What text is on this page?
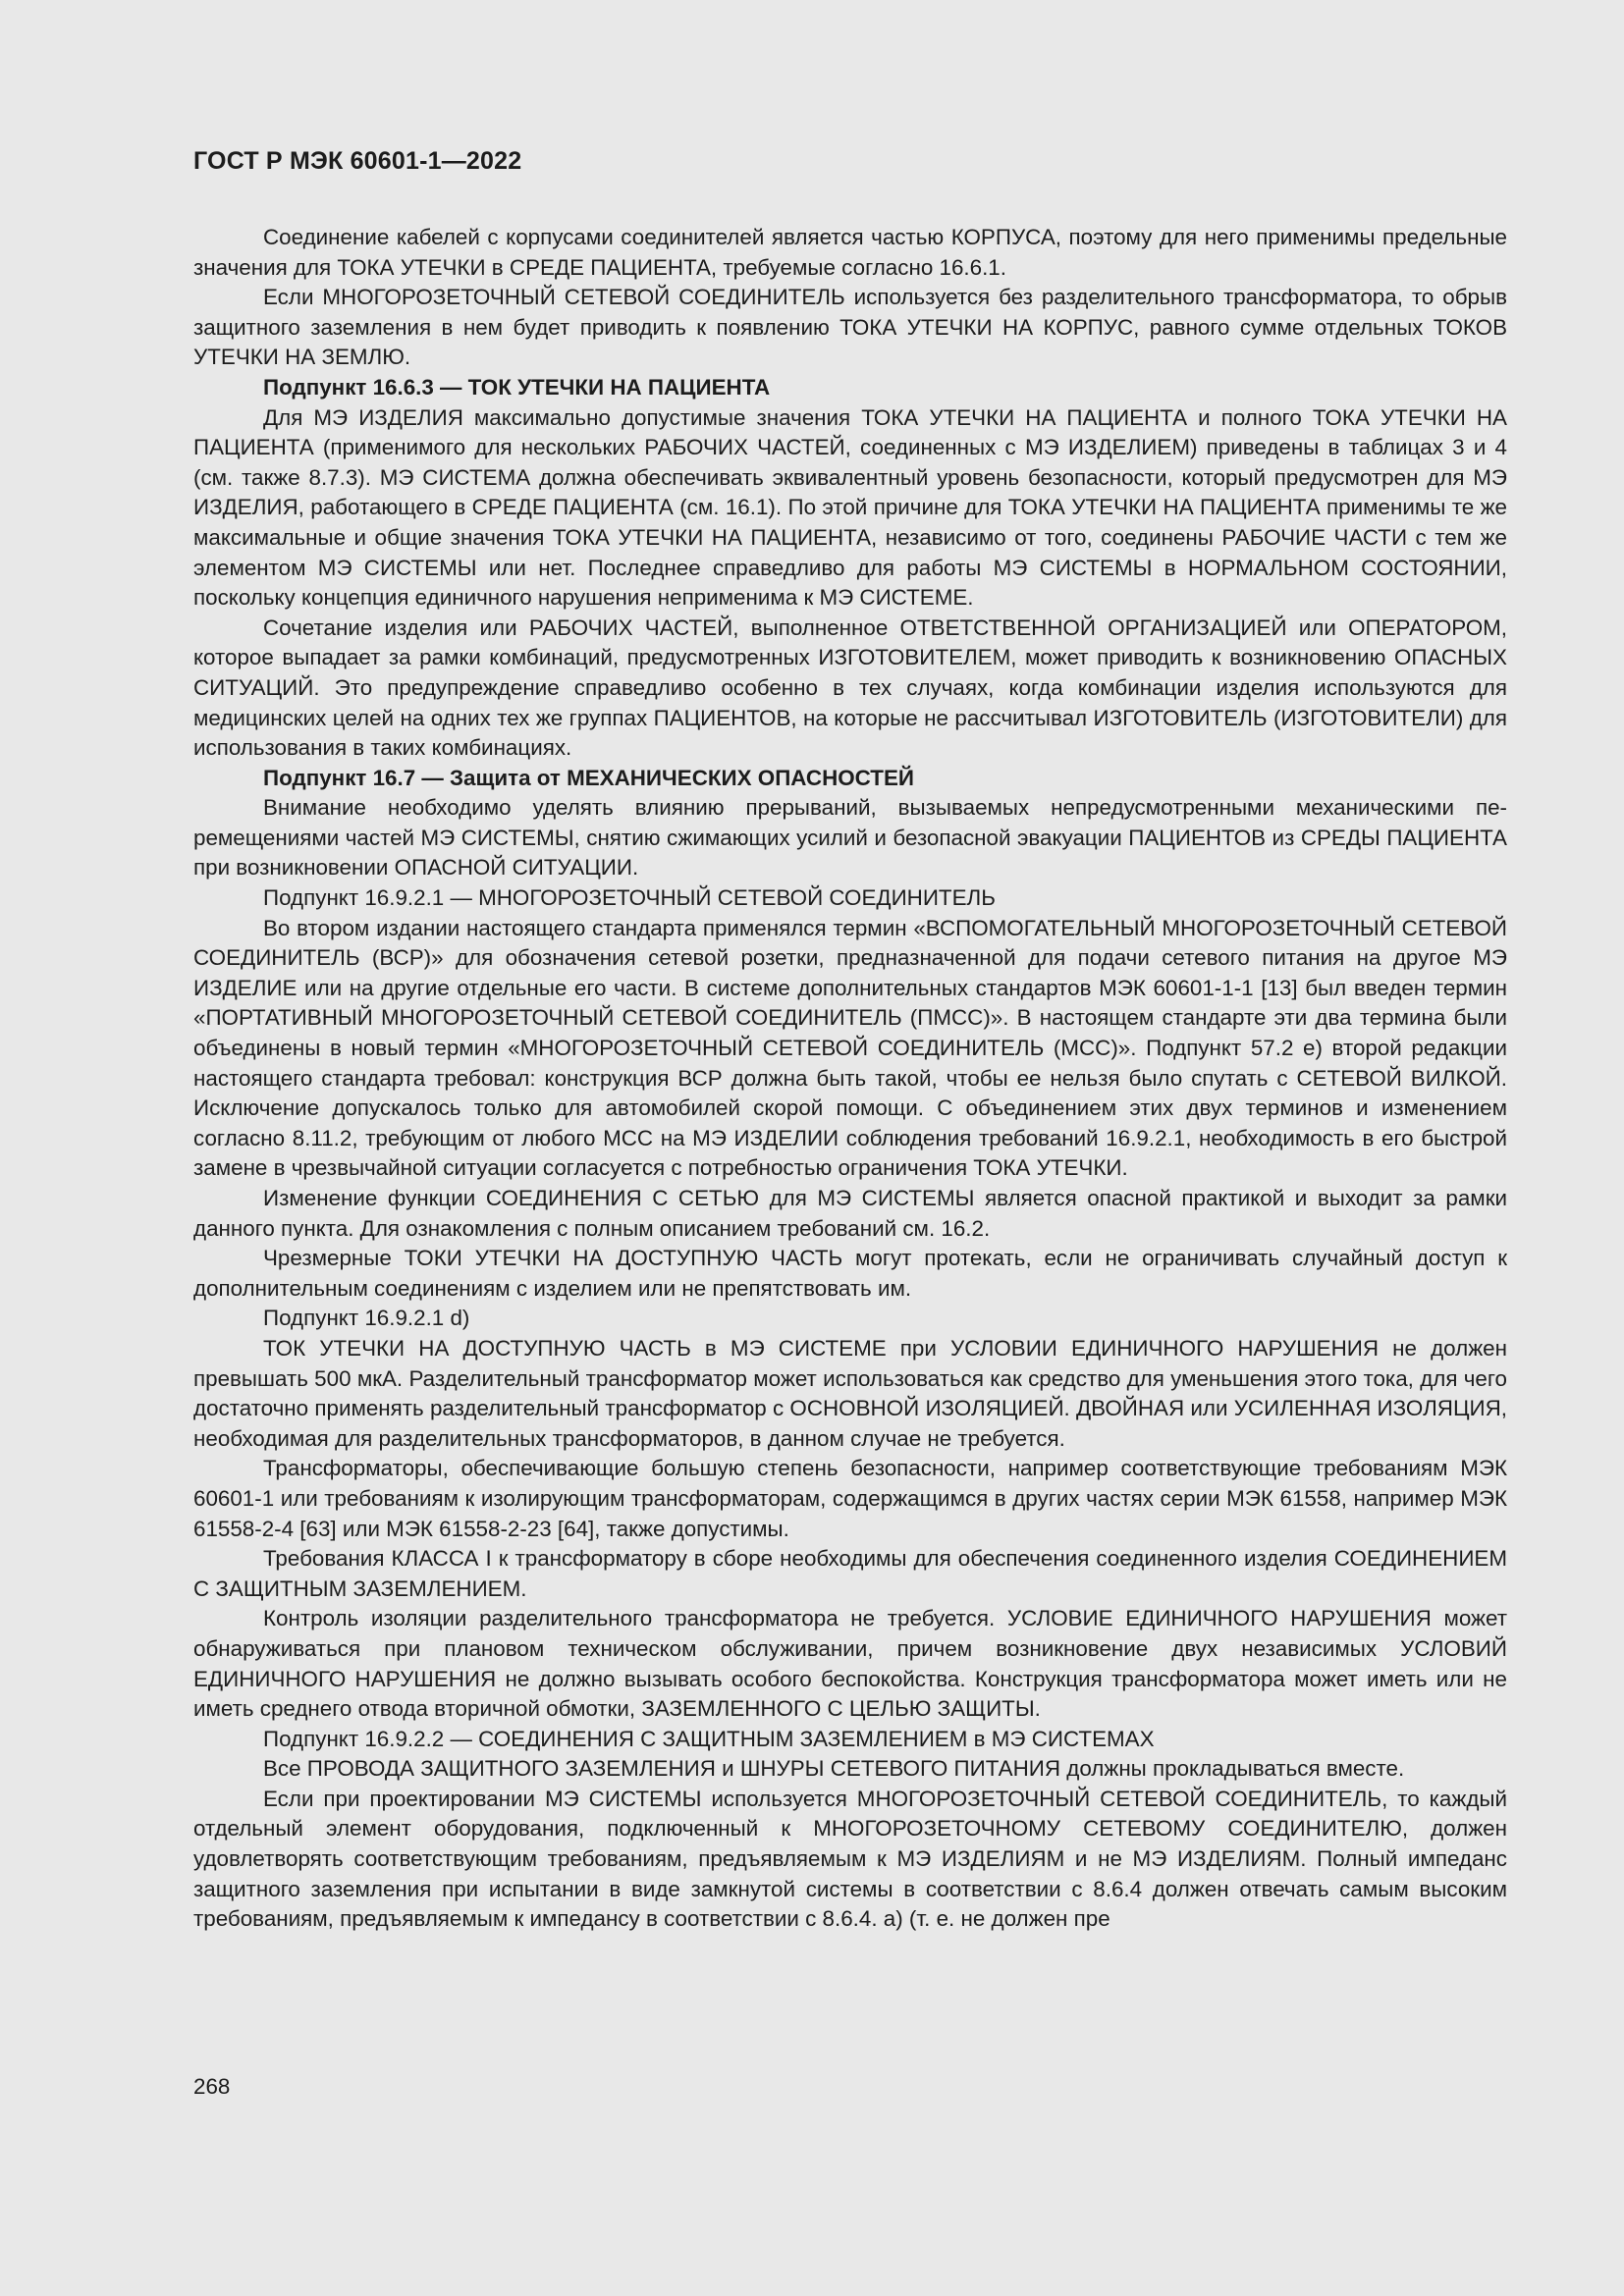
ГОСТ Р МЭК 60601-1—2022

Соединение кабелей с корпусами соединителей является частью КОРПУСА, поэтому для него применимы предельные значения для ТОКА УТЕЧКИ в СРЕДЕ ПАЦИЕНТА, требуемые согласно 16.6.1.

Если МНОГОРОЗЕТОЧНЫЙ СЕТЕВОЙ СОЕДИНИТЕЛЬ используется без разделительного трансформатора, то обрыв защитного заземления в нем будет приводить к появлению ТОКА УТЕЧКИ НА КОРПУС, равного сумме отдельных ТОКОВ УТЕЧКИ НА ЗЕМЛЮ.

Подпункт 16.6.3 — ТОК УТЕЧКИ НА ПАЦИЕНТА

Для МЭ ИЗДЕЛИЯ максимально допустимые значения ТОКА УТЕЧКИ НА ПАЦИЕНТА и полного ТОКА УТЕЧКИ НА ПАЦИЕНТА (применимого для нескольких РАБОЧИХ ЧАСТЕЙ, соединенных с МЭ ИЗДЕЛИЕМ) приведены в таблицах 3 и 4 (см. также 8.7.3). МЭ СИСТЕМА должна обеспечивать эквивалентный уровень безопасности, который предусмотрен для МЭ ИЗДЕЛИЯ, работающего в СРЕДЕ ПАЦИЕНТА (см. 16.1). По этой причине для ТОКА УТЕЧКИ НА ПАЦИЕНТА применимы те же максимальные и общие значения ТОКА УТЕЧКИ НА ПАЦИЕНТА, независимо от того, соединены РАБОЧИЕ ЧАСТИ с тем же элементом МЭ СИСТЕМЫ или нет. Последнее справедливо для работы МЭ СИСТЕМЫ в НОРМАЛЬНОМ СОСТОЯНИИ, поскольку концепция единичного нарушения неприменима к МЭ СИСТЕМЕ.

Сочетание изделия или РАБОЧИХ ЧАСТЕЙ, выполненное ОТВЕТСТВЕННОЙ ОРГАНИЗАЦИЕЙ или ОПЕРАТОРОМ, которое выпадает за рамки комбинаций, предусмотренных ИЗГОТОВИТЕЛЕМ, может приводить к возникновению ОПАСНЫХ СИТУАЦИЙ. Это предупреждение справедливо особенно в тех случаях, когда комбинации изделия используются для медицинских целей на одних тех же группах ПАЦИЕНТОВ, на которые не рассчитывал ИЗГОТОВИТЕЛЬ (ИЗГОТОВИТЕЛИ) для использования в таких комбинациях.

Подпункт 16.7 — Защита от МЕХАНИЧЕСКИХ ОПАСНОСТЕЙ

Внимание необходимо уделять влиянию прерываний, вызываемых непредусмотренными механическими перемещениями частей МЭ СИСТЕМЫ, снятию сжимающих усилий и безопасной эвакуации ПАЦИЕНТОВ из СРЕДЫ ПАЦИЕНТА при возникновении ОПАСНОЙ СИТУАЦИИ.

Подпункт 16.9.2.1 — МНОГОРОЗЕТОЧНЫЙ СЕТЕВОЙ СОЕДИНИТЕЛЬ

Во втором издании настоящего стандарта применялся термин «ВСПОМОГАТЕЛЬНЫЙ МНОГОРОЗЕТОЧНЫЙ СЕТЕВОЙ СОЕДИНИТЕЛЬ (ВСР)» для обозначения сетевой розетки, предназначенной для подачи сетевого питания на другое МЭ ИЗДЕЛИЕ или на другие отдельные его части. В системе дополнительных стандартов МЭК 60601-1-1 [13] был введен термин «ПОРТАТИВНЫЙ МНОГОРОЗЕТОЧНЫЙ СЕТЕВОЙ СОЕДИНИТЕЛЬ (ПМСС)». В настоящем стандарте эти два термина были объединены в новый термин «МНОГОРОЗЕТОЧНЫЙ СЕТЕВОЙ СОЕДИНИТЕЛЬ (МСС)». Подпункт 57.2 е) второй редакции настоящего стандарта требовал: конструкция ВСР должна быть такой, чтобы ее нельзя было спутать с СЕТЕВОЙ ВИЛКОЙ. Исключение допускалось только для автомобилей скорой помощи. С объединением этих двух терминов и изменением согласно 8.11.2, требующим от любого МСС на МЭ ИЗДЕЛИИ соблюдения требований 16.9.2.1, необходимость в его быстрой замене в чрезвычайной ситуации согласуется с потребностью ограничения ТОКА УТЕЧКИ.

Изменение функции СОЕДИНЕНИЯ С СЕТЬЮ для МЭ СИСТЕМЫ является опасной практикой и выходит за рамки данного пункта. Для ознакомления с полным описанием требований см. 16.2.

Чрезмерные ТОКИ УТЕЧКИ НА ДОСТУПНУЮ ЧАСТЬ могут протекать, если не ограничивать случайный доступ к дополнительным соединениям с изделием или не препятствовать им.

Подпункт 16.9.2.1 d)

ТОК УТЕЧКИ НА ДОСТУПНУЮ ЧАСТЬ в МЭ СИСТЕМЕ при УСЛОВИИ ЕДИНИЧНОГО НАРУШЕНИЯ не должен превышать 500 мкА. Разделительный трансформатор может использоваться как средство для уменьшения этого тока, для чего достаточно применять разделительный трансформатор с ОСНОВНОЙ ИЗОЛЯЦИЕЙ. ДВОЙНАЯ или УСИЛЕННАЯ ИЗОЛЯЦИЯ, необходимая для разделительных трансформаторов, в данном случае не требуется.

Трансформаторы, обеспечивающие большую степень безопасности, например соответствующие требованиям МЭК 60601-1 или требованиям к изолирующим трансформаторам, содержащимся в других частях серии МЭК 61558, например МЭК 61558-2-4 [63] или МЭК 61558-2-23 [64], также допустимы.

Требования КЛАССА I к трансформатору в сборе необходимы для обеспечения соединенного изделия СОЕДИНЕНИЕМ С ЗАЩИТНЫМ ЗАЗЕМЛЕНИЕМ.

Контроль изоляции разделительного трансформатора не требуется. УСЛОВИЕ ЕДИНИЧНОГО НАРУШЕНИЯ может обнаруживаться при плановом техническом обслуживании, причем возникновение двух независимых УСЛОВИЙ ЕДИНИЧНОГО НАРУШЕНИЯ не должно вызывать особого беспокойства. Конструкция трансформатора может иметь или не иметь среднего отвода вторичной обмотки, ЗАЗЕМЛЕННОГО С ЦЕЛЬЮ ЗАЩИТЫ.

Подпункт 16.9.2.2 — СОЕДИНЕНИЯ С ЗАЩИТНЫМ ЗАЗЕМЛЕНИЕМ в МЭ СИСТЕМАХ

Все ПРОВОДА ЗАЩИТНОГО ЗАЗЕМЛЕНИЯ и ШНУРЫ СЕТЕВОГО ПИТАНИЯ должны прокладываться вместе.

Если при проектировании МЭ СИСТЕМЫ используется МНОГОРОЗЕТОЧНЫЙ СЕТЕВОЙ СОЕДИНИТЕЛЬ, то каждый отдельный элемент оборудования, подключенный к МНОГОРОЗЕТОЧНОМУ СЕТЕВОМУ СОЕДИНИТЕЛЮ, должен удовлетворять соответствующим требованиям, предъявляемым к МЭ ИЗДЕЛИЯМ и не МЭ ИЗДЕЛИЯМ. Полный импеданс защитного заземления при испытании в виде замкнутой системы в соответствии с 8.6.4 должен отвечать самым высоким требованиям, предъявляемым к импедансу в соответствии с 8.6.4. а) (т. е. не должен пре

268
